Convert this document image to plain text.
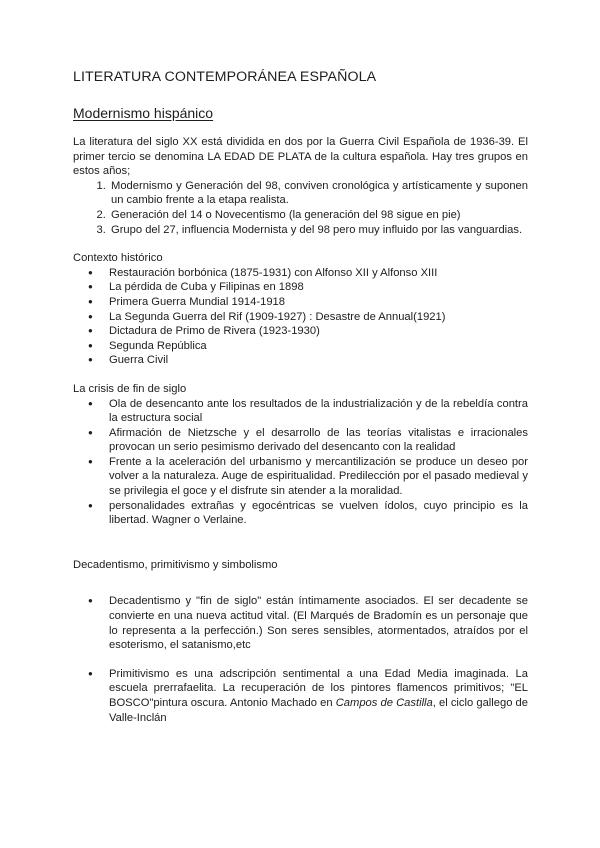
LITERATURA CONTEMPORÁNEA ESPAÑOLA
Modernismo hispánico

La literatura del siglo XX está dividida en dos por la Guerra Civil Española de 1936-39. El primer tercio se denomina LA EDAD DE PLATA de la cultura española. Hay tres grupos en estos años;

1. Modernismo y Generación del 98, conviven cronológica y artísticamente y suponen un cambio frente a la etapa realista.
2. Generación del 14 o Novecentismo (la generación del 98 sigue en pie)
3. Grupo del 27, influencia Modernista y del 98 pero muy influido por las vanguardias.

Contexto histórico

● Restauración borbónica (1875-1931) con Alfonso XII y Alfonso XIII
● La pérdida de Cuba y Filipinas en 1898
● Primera Guerra Mundial 1914-1918
● La Segunda Guerra del Rif (1909-1927) : Desastre de Annual(1921)
● Dictadura de Primo de Rivera (1923-1930)
● Segunda República
● Guerra Civil

La crisis de fin de siglo

● Ola de desencanto ante los resultados de la industrialización y de la rebeldía contra la estructura social
● Afirmación de Nietzsche y el desarrollo de las teorías vitalistas e irracionales provocan un serio pesimismo derivado del desencanto con la realidad
● Frente a la aceleración del urbanismo y mercantilización se produce un deseo por volver a la naturaleza. Auge de espiritualidad. Predilección por el pasado medieval y se privilegia el goce y el disfrute sin atender a la moralidad.
● personalidades extrañas y egocéntricas se vuelven ídolos, cuyo principio es la libertad. Wagner o Verlaine.

Decadentismo, primitivismo y simbolismo

● Decadentismo y "fin de siglo" están íntimamente asociados. El ser decadente se convierte en una nueva actitud vital. (El Marqués de Bradomín es un personaje que lo representa a la perfección.) Son seres sensibles, atormentados, atraídos por el esoterismo, el satanismo,etc
● Primitivismo es una adscripción sentimental a una Edad Media imaginada. La escuela prerrafaelita. La recuperación de los pintores flamencos primitivos; "EL BOSCO"pintura oscura. Antonio Machado en Campos de Castilla, el ciclo gallego de Valle-Inclán
